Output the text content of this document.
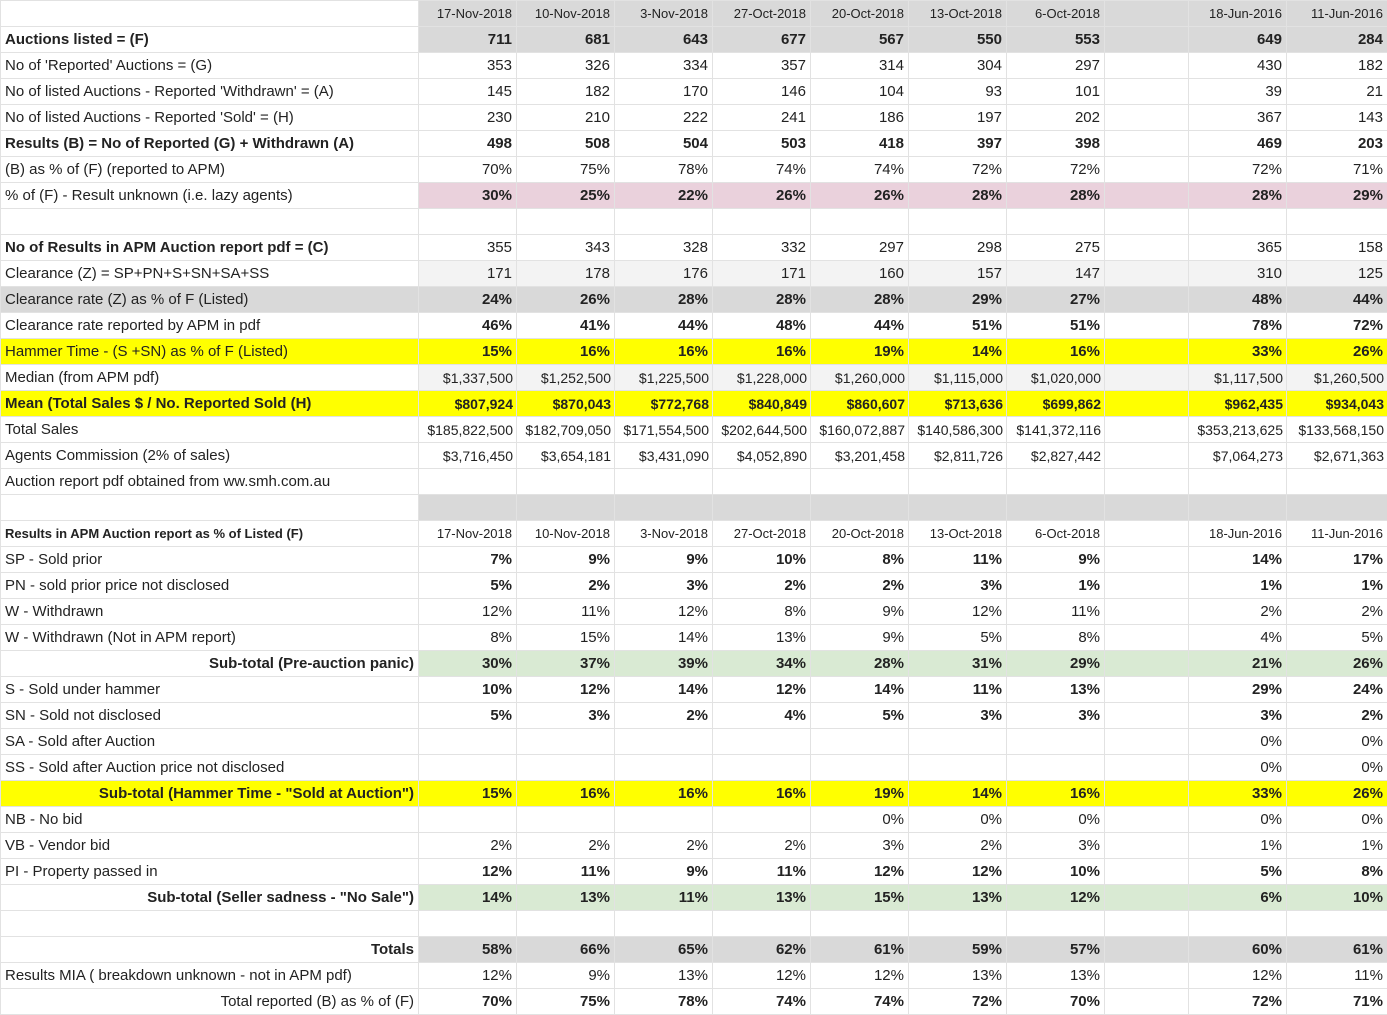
	17-Nov-2018	10-Nov-2018	3-Nov-2018	27-Oct-2018	20-Oct-2018	13-Oct-2018	6-Oct-2018		18-Jun-2016	11-Jun-2016
Auctions listed = (F)	711	681	643	677	567	550	553		649	284
No of 'Reported' Auctions = (G)	353	326	334	357	314	304	297		430	182
No of listed Auctions - Reported 'Withdrawn' = (A)	145	182	170	146	104	93	101		39	21
No of listed Auctions - Reported 'Sold' = (H)	230	210	222	241	186	197	202		367	143
Results (B) = No of Reported (G) + Withdrawn (A)	498	508	504	503	418	397	398		469	203
(B) as % of (F) (reported to APM)	70%	75%	78%	74%	74%	72%	72%		72%	71%
% of (F) - Result unknown (i.e. lazy agents)	30%	25%	22%	26%	26%	28%	28%		28%	29%

No of Results in APM Auction report pdf = (C)	355	343	328	332	297	298	275		365	158
Clearance (Z) = SP+PN+S+SN+SA+SS	171	178	176	171	160	157	147		310	125
Clearance rate (Z) as % of F (Listed)	24%	26%	28%	28%	28%	29%	27%		48%	44%
Clearance rate reported by APM in pdf	46%	41%	44%	48%	44%	51%	51%		78%	72%
Hammer Time - (S +SN) as % of F (Listed)	15%	16%	16%	16%	19%	14%	16%		33%	26%
Median (from APM pdf)	$1,337,500	$1,252,500	$1,225,500	$1,228,000	$1,260,000	$1,115,000	$1,020,000		$1,117,500	$1,260,500
Mean (Total Sales $ / No. Reported Sold (H)	$807,924	$870,043	$772,768	$840,849	$860,607	$713,636	$699,862		$962,435	$934,043
Total Sales	$185,822,500	$182,709,050	$171,554,500	$202,644,500	$160,072,887	$140,586,300	$141,372,116		$353,213,625	$133,568,150
Agents Commission (2% of sales)	$3,716,450	$3,654,181	$3,431,090	$4,052,890	$3,201,458	$2,811,726	$2,827,442		$7,064,273	$2,671,363
Auction report pdf obtained from ww.smh.com.au										

Results in APM Auction report as % of Listed (F)	17-Nov-2018	10-Nov-2018	3-Nov-2018	27-Oct-2018	20-Oct-2018	13-Oct-2018	6-Oct-2018		18-Jun-2016	11-Jun-2016
SP - Sold prior	7%	9%	9%	10%	8%	11%	9%		14%	17%
PN - sold prior price not disclosed	5%	2%	3%	2%	2%	3%	1%		1%	1%
W - Withdrawn	12%	11%	12%	8%	9%	12%	11%		2%	2%
W - Withdrawn (Not in APM report)	8%	15%	14%	13%	9%	5%	8%		4%	5%
Sub-total (Pre-auction panic)	30%	37%	39%	34%	28%	31%	29%		21%	26%
S - Sold under hammer	10%	12%	14%	12%	14%	11%	13%		29%	24%
SN - Sold not disclosed	5%	3%	2%	4%	5%	3%	3%		3%	2%
SA - Sold after Auction									0%	0%
SS - Sold after Auction price not disclosed									0%	0%
Sub-total (Hammer Time - "Sold at Auction")	15%	16%	16%	16%	19%	14%	16%		33%	26%
NB - No bid					0%	0%	0%		0%	0%
VB - Vendor bid	2%	2%	2%	2%	3%	2%	3%		1%	1%
PI - Property passed in	12%	11%	9%	11%	12%	12%	10%		5%	8%
Sub-total (Seller sadness - "No Sale")	14%	13%	11%	13%	15%	13%	12%		6%	10%

Totals	58%	66%	65%	62%	61%	59%	57%		60%	61%
Results MIA ( breakdown unknown - not in APM pdf)	12%	9%	13%	12%	12%	13%	13%		12%	11%
Total reported (B) as % of (F)	70%	75%	78%	74%	74%	72%	70%		72%	71%
